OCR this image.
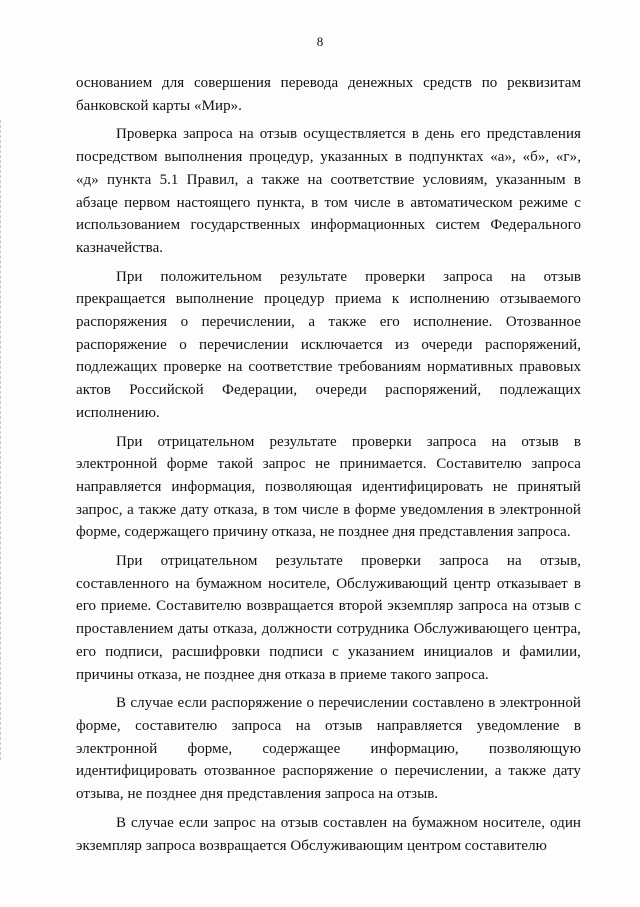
8

основанием для совершения перевода денежных средств по реквизитам банковской карты «Мир».

Проверка запроса на отзыв осуществляется в день его представления посредством выполнения процедур, указанных в подпунктах «а», «б», «г», «д» пункта 5.1 Правил, а также на соответствие условиям, указанным в абзаце первом настоящего пункта, в том числе в автоматическом режиме с использованием государственных информационных систем Федерального казначейства.

При положительном результате проверки запроса на отзыв прекращается выполнение процедур приема к исполнению отзываемого распоряжения о перечислении, а также его исполнение. Отозванное распоряжение о перечислении исключается из очереди распоряжений, подлежащих проверке на соответствие требованиям нормативных правовых актов Российской Федерации, очереди распоряжений, подлежащих исполнению.

При отрицательном результате проверки запроса на отзыв в электронной форме такой запрос не принимается. Составителю запроса направляется информация, позволяющая идентифицировать не принятый запрос, а также дату отказа, в том числе в форме уведомления в электронной форме, содержащего причину отказа, не позднее дня представления запроса.

При отрицательном результате проверки запроса на отзыв, составленного на бумажном носителе, Обслуживающий центр отказывает в его приеме. Составителю возвращается второй экземпляр запроса на отзыв с проставлением даты отказа, должности сотрудника Обслуживающего центра, его подписи, расшифровки подписи с указанием инициалов и фамилии, причины отказа, не позднее дня отказа в приеме такого запроса.

В случае если распоряжение о перечислении составлено в электронной форме, составителю запроса на отзыв направляется уведомление в электронной форме, содержащее информацию, позволяющую идентифицировать отозванное распоряжение о перечислении, а также дату отзыва, не позднее дня представления запроса на отзыв.

В случае если запрос на отзыв составлен на бумажном носителе, один экземпляр запроса возвращается Обслуживающим центром составителю
